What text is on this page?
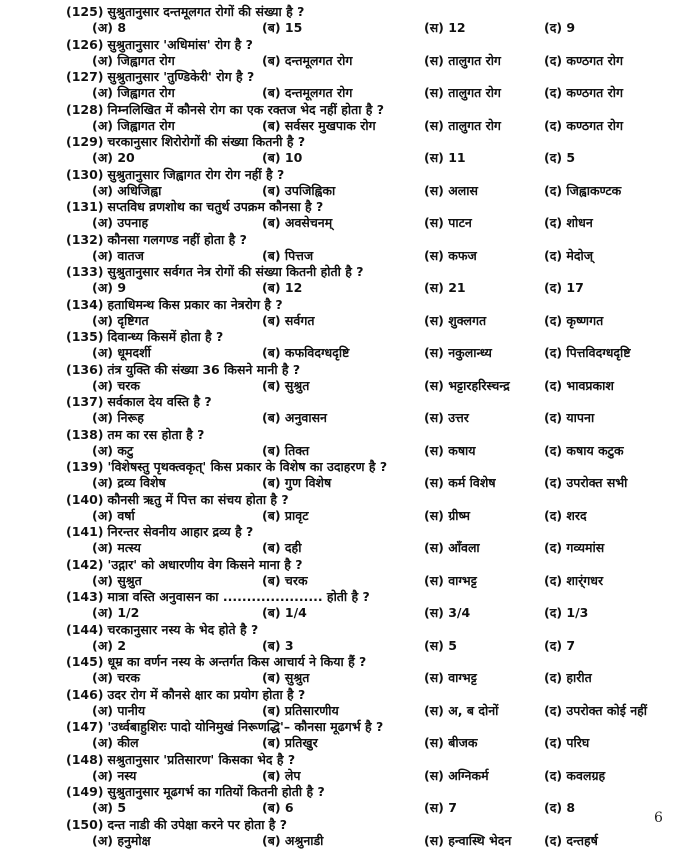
(125) सुश्रुतानुसार दन्तमूलगत रोगों की संख्या है ?
(अ) 8	(ब) 15	(स) 12	(द) 9
(126) सुश्रुतानुसार 'अधिमांस' रोग है ?
(अ) जिह्वागत रोग	(ब) दन्तमूलगत रोग	(स) तालुगत रोग	(द) कण्ठगत रोग
(127) सुश्रुतानुसार 'तुण्डिकेरी' रोग है ?
(अ) जिह्वागत रोग	(ब) दन्तमूलगत रोग	(स) तालुगत रोग	(द) कण्ठगत रोग
(128) निम्नलिखित में कौनसे रोग का एक रक्तज भेद नहीं होता है ?
(अ) जिह्वागत रोग	(ब) सर्वसर मुखपाक रोग	(स) तालुगत रोग	(द) कण्ठगत रोग
(129) चरकानुसार शिरोरोगों की संख्या कितनी है ?
(अ) 20	(ब) 10	(स) 11	(द) 5
(130) सुश्रुतानुसार जिह्वागत रोग रोग नहीं है ?
(अ) अधिजिह्वा	(ब) उपजिह्विका	(स) अलास	(द) जिह्वाकण्टक
(131) सप्तविध व्रणशोथ का चतुर्थ उपक्रम कौनसा है ?
(अ) उपनाह	(ब) अवसेचनम्	(स) पाटन	(द) शोधन
(132) कौनसा गलगण्ड नहीं होता है ?
(अ) वातज	(ब) पित्तज	(स) कफज	(द) मेदोज्
(133) सुश्रुतानुसार सर्वगत नेत्र रोगों की संख्या कितनी होती है ?
(अ) 9	(ब) 12	(स) 21	(द) 17
(134) हताधिमन्थ किस प्रकार का नेत्ररोग है ?
(अ) दृष्टिगत	(ब) सर्वगत	(स) शुक्लगत	(द) कृष्णगत
(135) दिवान्ध्य किसमें होता है ?
(अ) धूमदर्शी	(ब) कफविदग्धदृष्टि	(स) नकुलान्ध्य	(द) पित्तविदग्धदृष्टि
(136) तंत्र युक्ति की संख्या 36 किसने मानी है ?
(अ) चरक	(ब) सुश्रुत	(स) भट्टारहरिस्चन्द्र	(द) भावप्रकाश
(137) सर्वकाल देय वस्ति है ?
(अ) निरूह	(ब) अनुवासन	(स) उत्तर	(द) यापना
(138) तम का रस होता है ?
(अ) कटु	(ब) तिक्त	(स) कषाय	(द) कषाय कटुक
(139) 'विशेषस्तु पृथक्त्वकृत्' किस प्रकार के विशेष का उदाहरण है ?
(अ) द्रव्य विशेष	(ब) गुण विशेष	(स) कर्म विशेष	(द) उपरोक्त सभी
(140) कौनसी ऋतु में पित्त का संचय होता है ?
(अ) वर्षा	(ब) प्रावृट	(स) ग्रीष्म	(द) शरद
(141) निरन्तर सेवनीय आहार द्रव्य है ?
(अ) मत्स्य	(ब) दही	(स) आँवला	(द) गव्यमांस
(142) 'उद्गार' को अधारणीय वेग किसने माना है ?
(अ) सुश्रुत	(ब) चरक	(स) वाग्भट्ट	(द) शार्ंगधर
(143) मात्रा वस्ति अनुवासन का ..................... होती है ?
(अ) 1/2	(ब) 1/4	(स) 3/4	(द) 1/3
(144) चरकानुसार नस्य के भेद होते है ?
(अ) 2	(ब) 3	(स) 5	(द) 7
(145) धूम्र का वर्णन नस्य के अन्तर्गत किस आचार्य ने किया हैं ?
(अ) चरक	(ब) सुश्रुत	(स) वाग्भट्ट	(द) हारीत
(146) उदर रोग में कौनसे क्षार का प्रयोग होता है ?
(अ) पानीय	(ब) प्रतिसारणीय	(स) अ, ब दोनों	(द) उपरोक्त कोई नहीं
(147) 'उर्ध्वबाहुशिरः पादो योनिमुखं निरूणद्धि'– कौनसा मूढगर्भ है ?
(अ) कील	(ब) प्रतिखुर	(स) बीजक	(द) परिघ
(148) सश्रुतानुसार 'प्रतिसारण' किसका भेद है ?
(अ) नस्य	(ब) लेप	(स) अग्निकर्म	(द) कवलग्रह
(149) सुश्रुतानुसार मूढगर्भ का गतियों कितनी होती है ?
(अ) 5	(ब) 6	(स) 7	(द) 8
(150) दन्त नाडी की उपेक्षा करने पर होता है ?
(अ) हनुमोक्ष	(ब) अश्रुनाडी	(स) हन्वास्थि भेदन	(द) दन्तहर्ष
6
